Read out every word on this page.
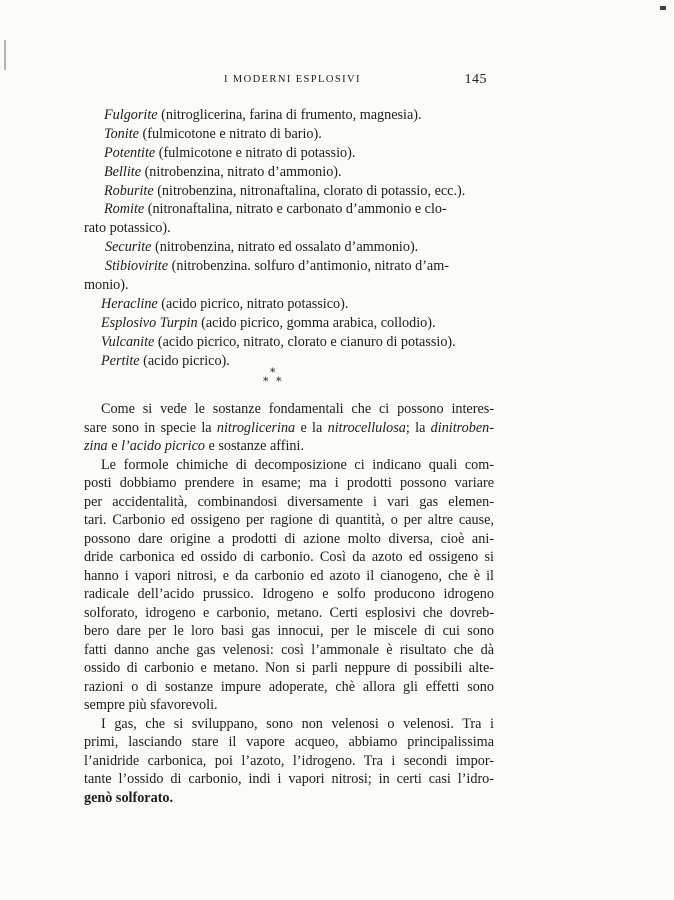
I MODERNI ESPLOSIVI	145
Fulgorite (nitroglicerina, farina di frumento, magnesia).
Tonite (fulmicotone e nitrato di bario).
Potentite (fulmicotone e nitrato di potassio).
Bellite (nitrobenzina, nitrato d’ammonio).
Roburite (nitrobenzina, nitronaftalina, clorato di potassio, ecc.).
Romite (nitronaftalina, nitrato e carbonato d’ammonio e clo-
rato potassico).
Securite (nitrobenzina, nitrato ed ossalato d’ammonio).
Stibiovirite (nitrobenzina. solfuro d’antimonio, nitrato d’am-
monio).
Heracline (acido picrico, nitrato potassico).
Esplosivo Turpin (acido picrico, gomma arabica, collodio).
Vulcanite (acido picrico, nitrato, clorato e cianuro di potassio).
Pertite (acido picrico).
*
* *
Come si vede le sostanze fondamentali che ci possono interes-
sare sono in specie la nitroglicerina e la nitrocellulosa; la dinitroben-
zina e l’acido picrico e sostanze affini.
Le formole chimiche di decomposizione ci indicano quali com-
posti dobbiamo prendere in esame; ma i prodotti possono variare
per accidentalità, combinandosi diversamente i vari gas elemen-
tari. Carbonio ed ossigeno per ragione di quantità, o per altre cause,
possono dare origine a prodotti di azione molto diversa, cioè ani-
dride carbonica ed ossido di carbonio. Così da azoto ed ossigeno si
hanno i vapori nitrosi, e da carbonio ed azoto il cianogeno, che è il
radicale dell’acido prussico. Idrogeno e solfo producono idrogeno
solforato, idrogeno e carbonio, metano. Certi esplosivi che dovreb-
bero dare per le loro basi gas innocui, per le miscele di cui sono
fatti danno anche gas velenosi: così l’ammonale è risultato che dà
ossido di carbonio e metano. Non si parli neppure di possibili alte-
razioni o di sostanze impure adoperate, chè allora gli effetti sono
sempre più sfavorevoli.
I gas, che si sviluppano, sono non velenosi o velenosi. Tra i
primi, lasciando stare il vapore acqueo, abbiamo principalissima
l’anidride carbonica, poi l’azoto, l’idrogeno. Tra i secondi impor-
tante l’ossido di carbonio, indi i vapori nitrosi; in certi casi l’idro-
genò solforato.
